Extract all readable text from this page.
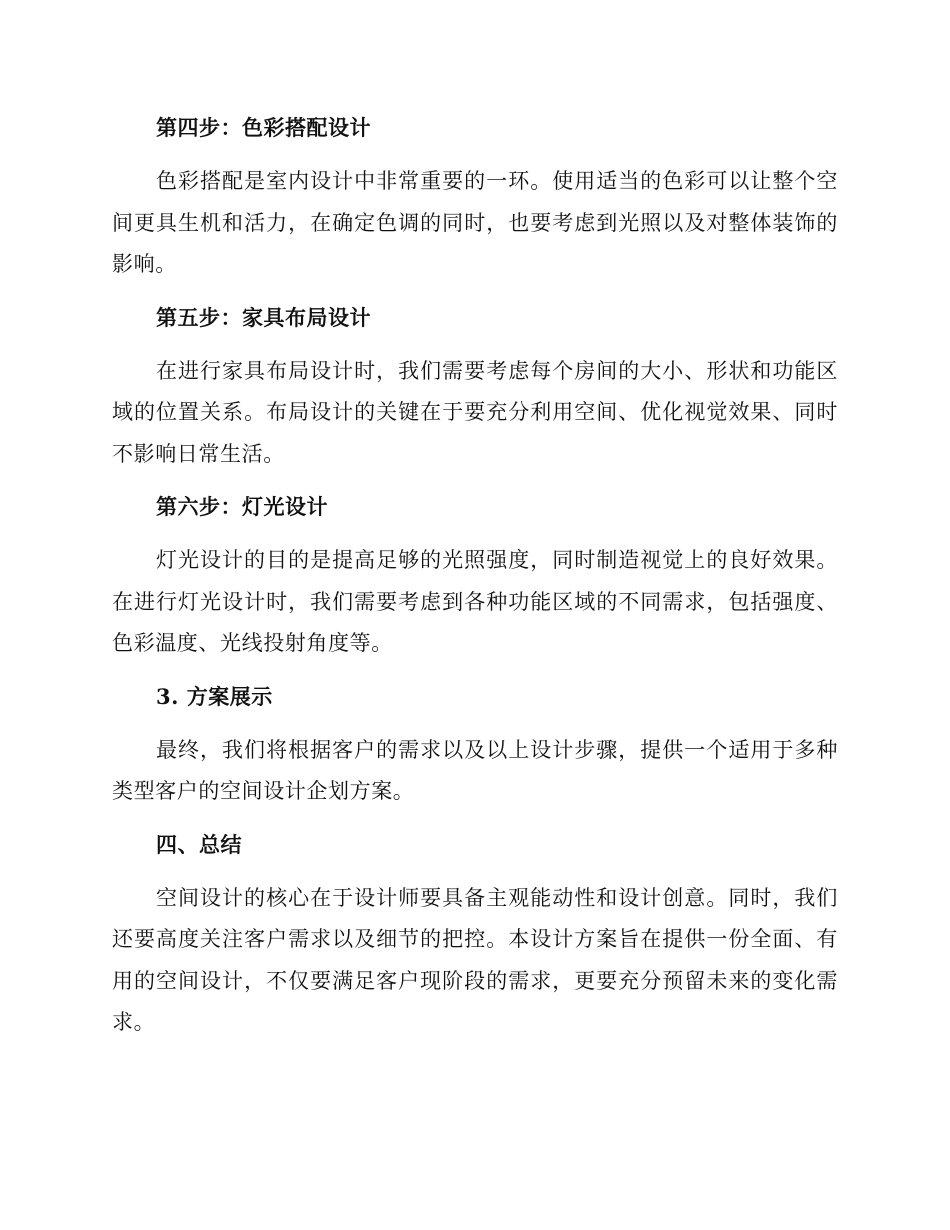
第四步：色彩搭配设计

色彩搭配是室内设计中非常重要的一环。使用适当的色彩可以让整个空间更具生机和活力，在确定色调的同时，也要考虑到光照以及对整体装饰的影响。

第五步：家具布局设计

在进行家具布局设计时，我们需要考虑每个房间的大小、形状和功能区域的位置关系。布局设计的关键在于要充分利用空间、优化视觉效果、同时不影响日常生活。

第六步：灯光设计

灯光设计的目的是提高足够的光照强度，同时制造视觉上的良好效果。在进行灯光设计时，我们需要考虑到各种功能区域的不同需求，包括强度、色彩温度、光线投射角度等。

3. 方案展示

最终，我们将根据客户的需求以及以上设计步骤，提供一个适用于多种类型客户的空间设计企划方案。

四、总结

空间设计的核心在于设计师要具备主观能动性和设计创意。同时，我们还要高度关注客户需求以及细节的把控。本设计方案旨在提供一份全面、有用的空间设计，不仅要满足客户现阶段的需求，更要充分预留未来的变化需求。
